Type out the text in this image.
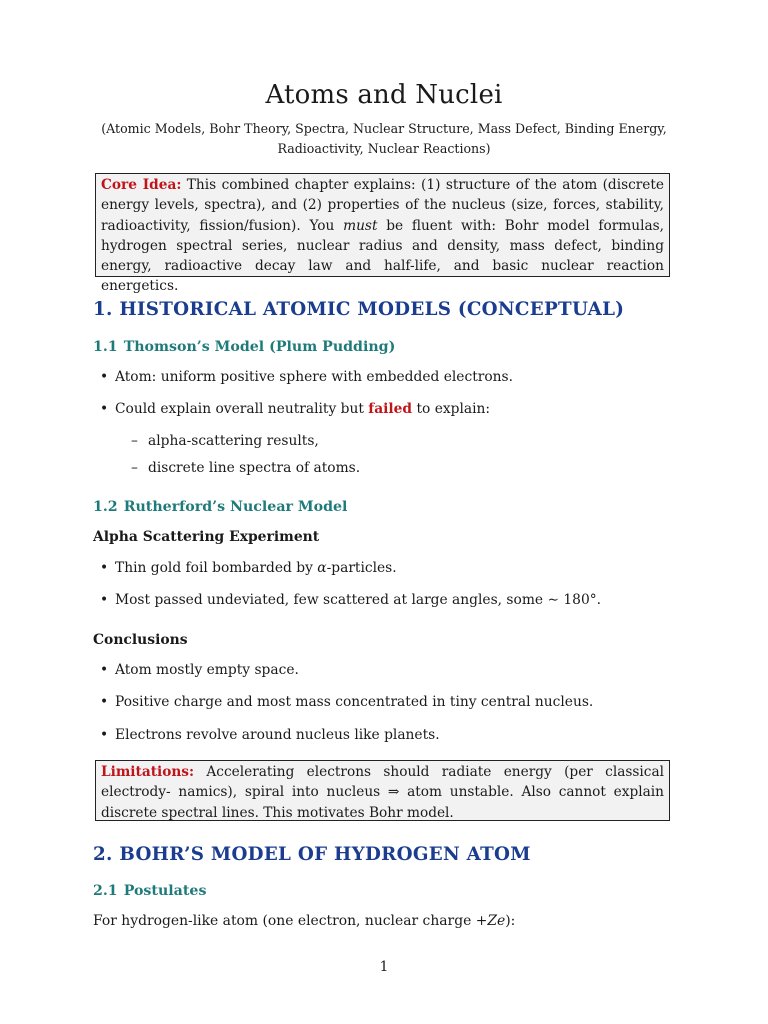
Atoms and Nuclei
(Atomic Models, Bohr Theory, Spectra, Nuclear Structure, Mass Defect, Binding Energy, Radioactivity, Nuclear Reactions)
Core Idea: This combined chapter explains: (1) structure of the atom (discrete energy levels, spectra), and (2) properties of the nucleus (size, forces, stability, radioactivity, fission/fusion). You must be fluent with: Bohr model formulas, hydrogen spectral series, nuclear radius and density, mass defect, binding energy, radioactive decay law and half-life, and basic nuclear reaction energetics.
1. HISTORICAL ATOMIC MODELS (CONCEPTUAL)
1.1 Thomson’s Model (Plum Pudding)
• Atom: uniform positive sphere with embedded electrons.
• Could explain overall neutrality but failed to explain:
– alpha-scattering results,
– discrete line spectra of atoms.
1.2 Rutherford’s Nuclear Model
Alpha Scattering Experiment
• Thin gold foil bombarded by α-particles.
• Most passed undeviated, few scattered at large angles, some ∼ 180°.
Conclusions
• Atom mostly empty space.
• Positive charge and most mass concentrated in tiny central nucleus.
• Electrons revolve around nucleus like planets.
Limitations: Accelerating electrons should radiate energy (per classical electrody- namics), spiral into nucleus ⇒ atom unstable. Also cannot explain discrete spectral lines. This motivates Bohr model.
2. BOHR’S MODEL OF HYDROGEN ATOM
2.1 Postulates
For hydrogen-like atom (one electron, nuclear charge +Ze):
1
